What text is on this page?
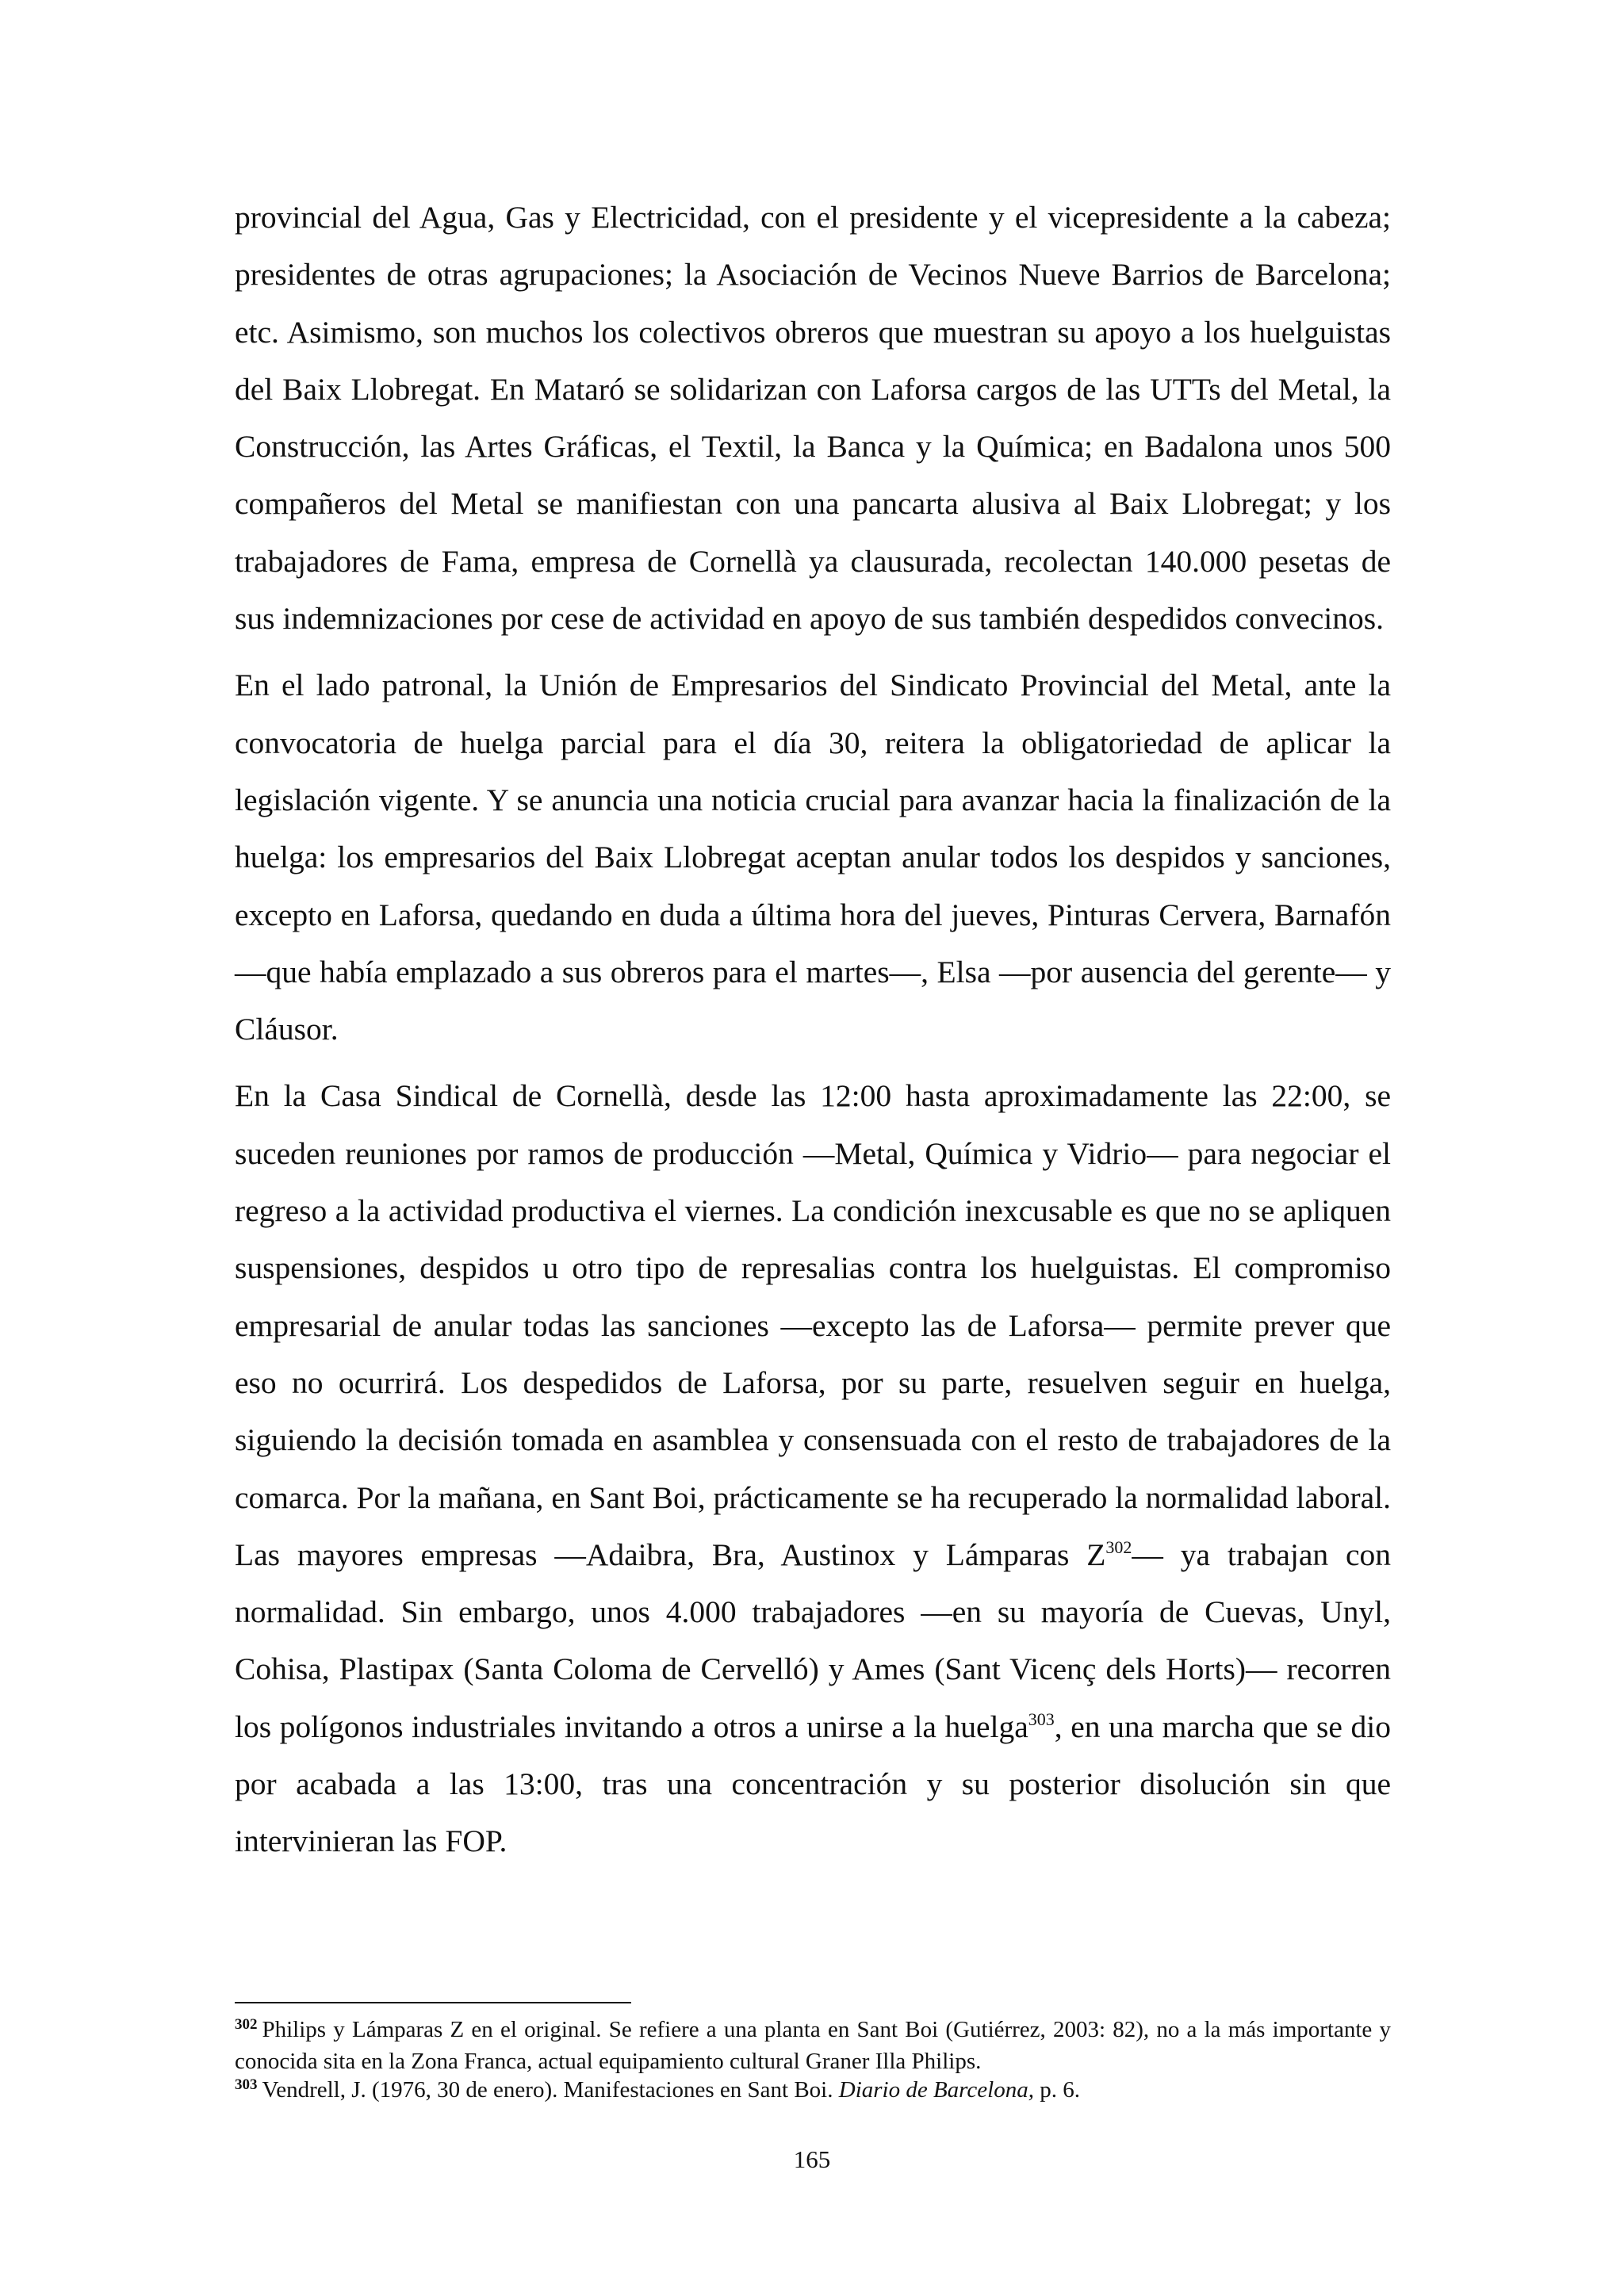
provincial del Agua, Gas y Electricidad, con el presidente y el vicepresidente a la cabeza; presidentes de otras agrupaciones; la Asociación de Vecinos Nueve Barrios de Barcelona; etc. Asimismo, son muchos los colectivos obreros que muestran su apoyo a los huelguistas del Baix Llobregat. En Mataró se solidarizan con Laforsa cargos de las UTTs del Metal, la Construcción, las Artes Gráficas, el Textil, la Banca y la Química; en Badalona unos 500 compañeros del Metal se manifiestan con una pancarta alusiva al Baix Llobregat; y los trabajadores de Fama, empresa de Cornellà ya clausurada, recolectan 140.000 pesetas de sus indemnizaciones por cese de actividad en apoyo de sus también despedidos convecinos.

En el lado patronal, la Unión de Empresarios del Sindicato Provincial del Metal, ante la convocatoria de huelga parcial para el día 30, reitera la obligatoriedad de aplicar la legislación vigente. Y se anuncia una noticia crucial para avanzar hacia la finalización de la huelga: los empresarios del Baix Llobregat aceptan anular todos los despidos y sanciones, excepto en Laforsa, quedando en duda a última hora del jueves, Pinturas Cervera, Barnafón —que había emplazado a sus obreros para el martes—, Elsa —por ausencia del gerente— y Cláusor.

En la Casa Sindical de Cornellà, desde las 12:00 hasta aproximadamente las 22:00, se suceden reuniones por ramos de producción —Metal, Química y Vidrio— para negociar el regreso a la actividad productiva el viernes. La condición inexcusable es que no se apliquen suspensiones, despidos u otro tipo de represalias contra los huelguistas. El compromiso empresarial de anular todas las sanciones —excepto las de Laforsa— permite prever que eso no ocurrirá. Los despedidos de Laforsa, por su parte, resuelven seguir en huelga, siguiendo la decisión tomada en asamblea y consensuada con el resto de trabajadores de la comarca. Por la mañana, en Sant Boi, prácticamente se ha recuperado la normalidad laboral. Las mayores empresas —Adaibra, Bra, Austinox y Lámparas Z$^{302}$— ya trabajan con normalidad. Sin embargo, unos 4.000 trabajadores —en su mayoría de Cuevas, Unyl, Cohisa, Plastipax (Santa Coloma de Cervelló) y Ames (Sant Vicenç dels Horts)— recorren los polígonos industriales invitando a otros a unirse a la huelga$^{303}$, en una marcha que se dio por acabada a las 13:00, tras una concentración y su posterior disolución sin que intervinieran las FOP.

$^{302}$ Philips y Lámparas Z en el original. Se refiere a una planta en Sant Boi (Gutiérrez, 2003: 82), no a la más importante y conocida sita en la Zona Franca, actual equipamiento cultural Graner Illa Philips.

$^{303}$ Vendrell, J. (1976, 30 de enero). Manifestaciones en Sant Boi. Diario de Barcelona, p. 6.

165
